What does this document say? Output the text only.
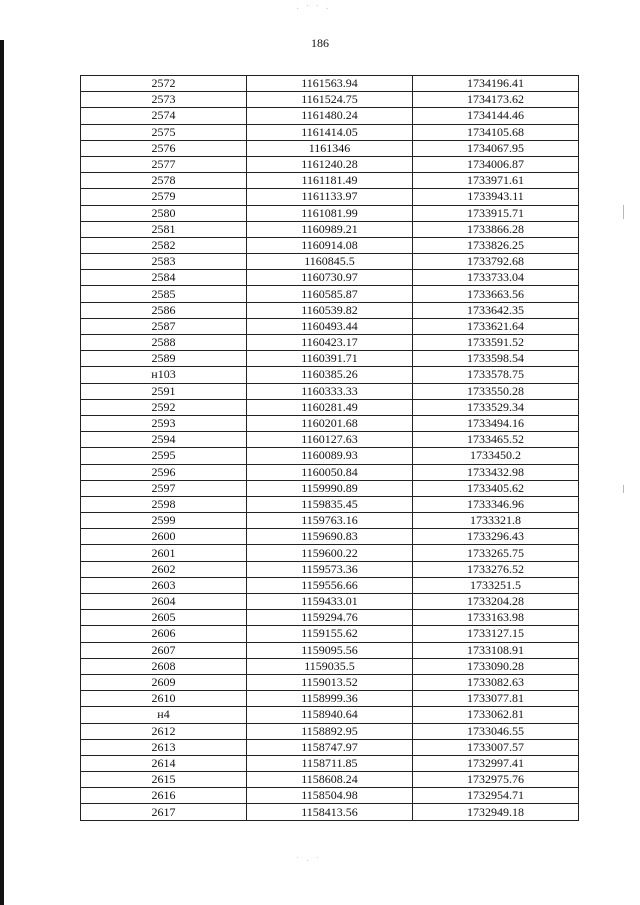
· ˙ ˙ ·
186
2572	1161563.94	1734196.41
2573	1161524.75	1734173.62
2574	1161480.24	1734144.46
2575	1161414.05	1734105.68
2576	1161346	1734067.95
2577	1161240.28	1734006.87
2578	1161181.49	1733971.61
2579	1161133.97	1733943.11
2580	1161081.99	1733915.71
2581	1160989.21	1733866.28
2582	1160914.08	1733826.25
2583	1160845.5	1733792.68
2584	1160730.97	1733733.04
2585	1160585.87	1733663.56
2586	1160539.82	1733642.35
2587	1160493.44	1733621.64
2588	1160423.17	1733591.52
2589	1160391.71	1733598.54
н103	1160385.26	1733578.75
2591	1160333.33	1733550.28
2592	1160281.49	1733529.34
2593	1160201.68	1733494.16
2594	1160127.63	1733465.52
2595	1160089.93	1733450.2
2596	1160050.84	1733432.98
2597	1159990.89	1733405.62
2598	1159835.45	1733346.96
2599	1159763.16	1733321.8
2600	1159690.83	1733296.43
2601	1159600.22	1733265.75
2602	1159573.36	1733276.52
2603	1159556.66	1733251.5
2604	1159433.01	1733204.28
2605	1159294.76	1733163.98
2606	1159155.62	1733127.15
2607	1159095.56	1733108.91
2608	1159035.5	1733090.28
2609	1159013.52	1733082.63
2610	1158999.36	1733077.81
н4	1158940.64	1733062.81
2612	1158892.95	1733046.55
2613	1158747.97	1733007.57
2614	1158711.85	1732997.41
2615	1158608.24	1732975.76
2616	1158504.98	1732954.71
2617	1158413.56	1732949.18
˙ · ˙
